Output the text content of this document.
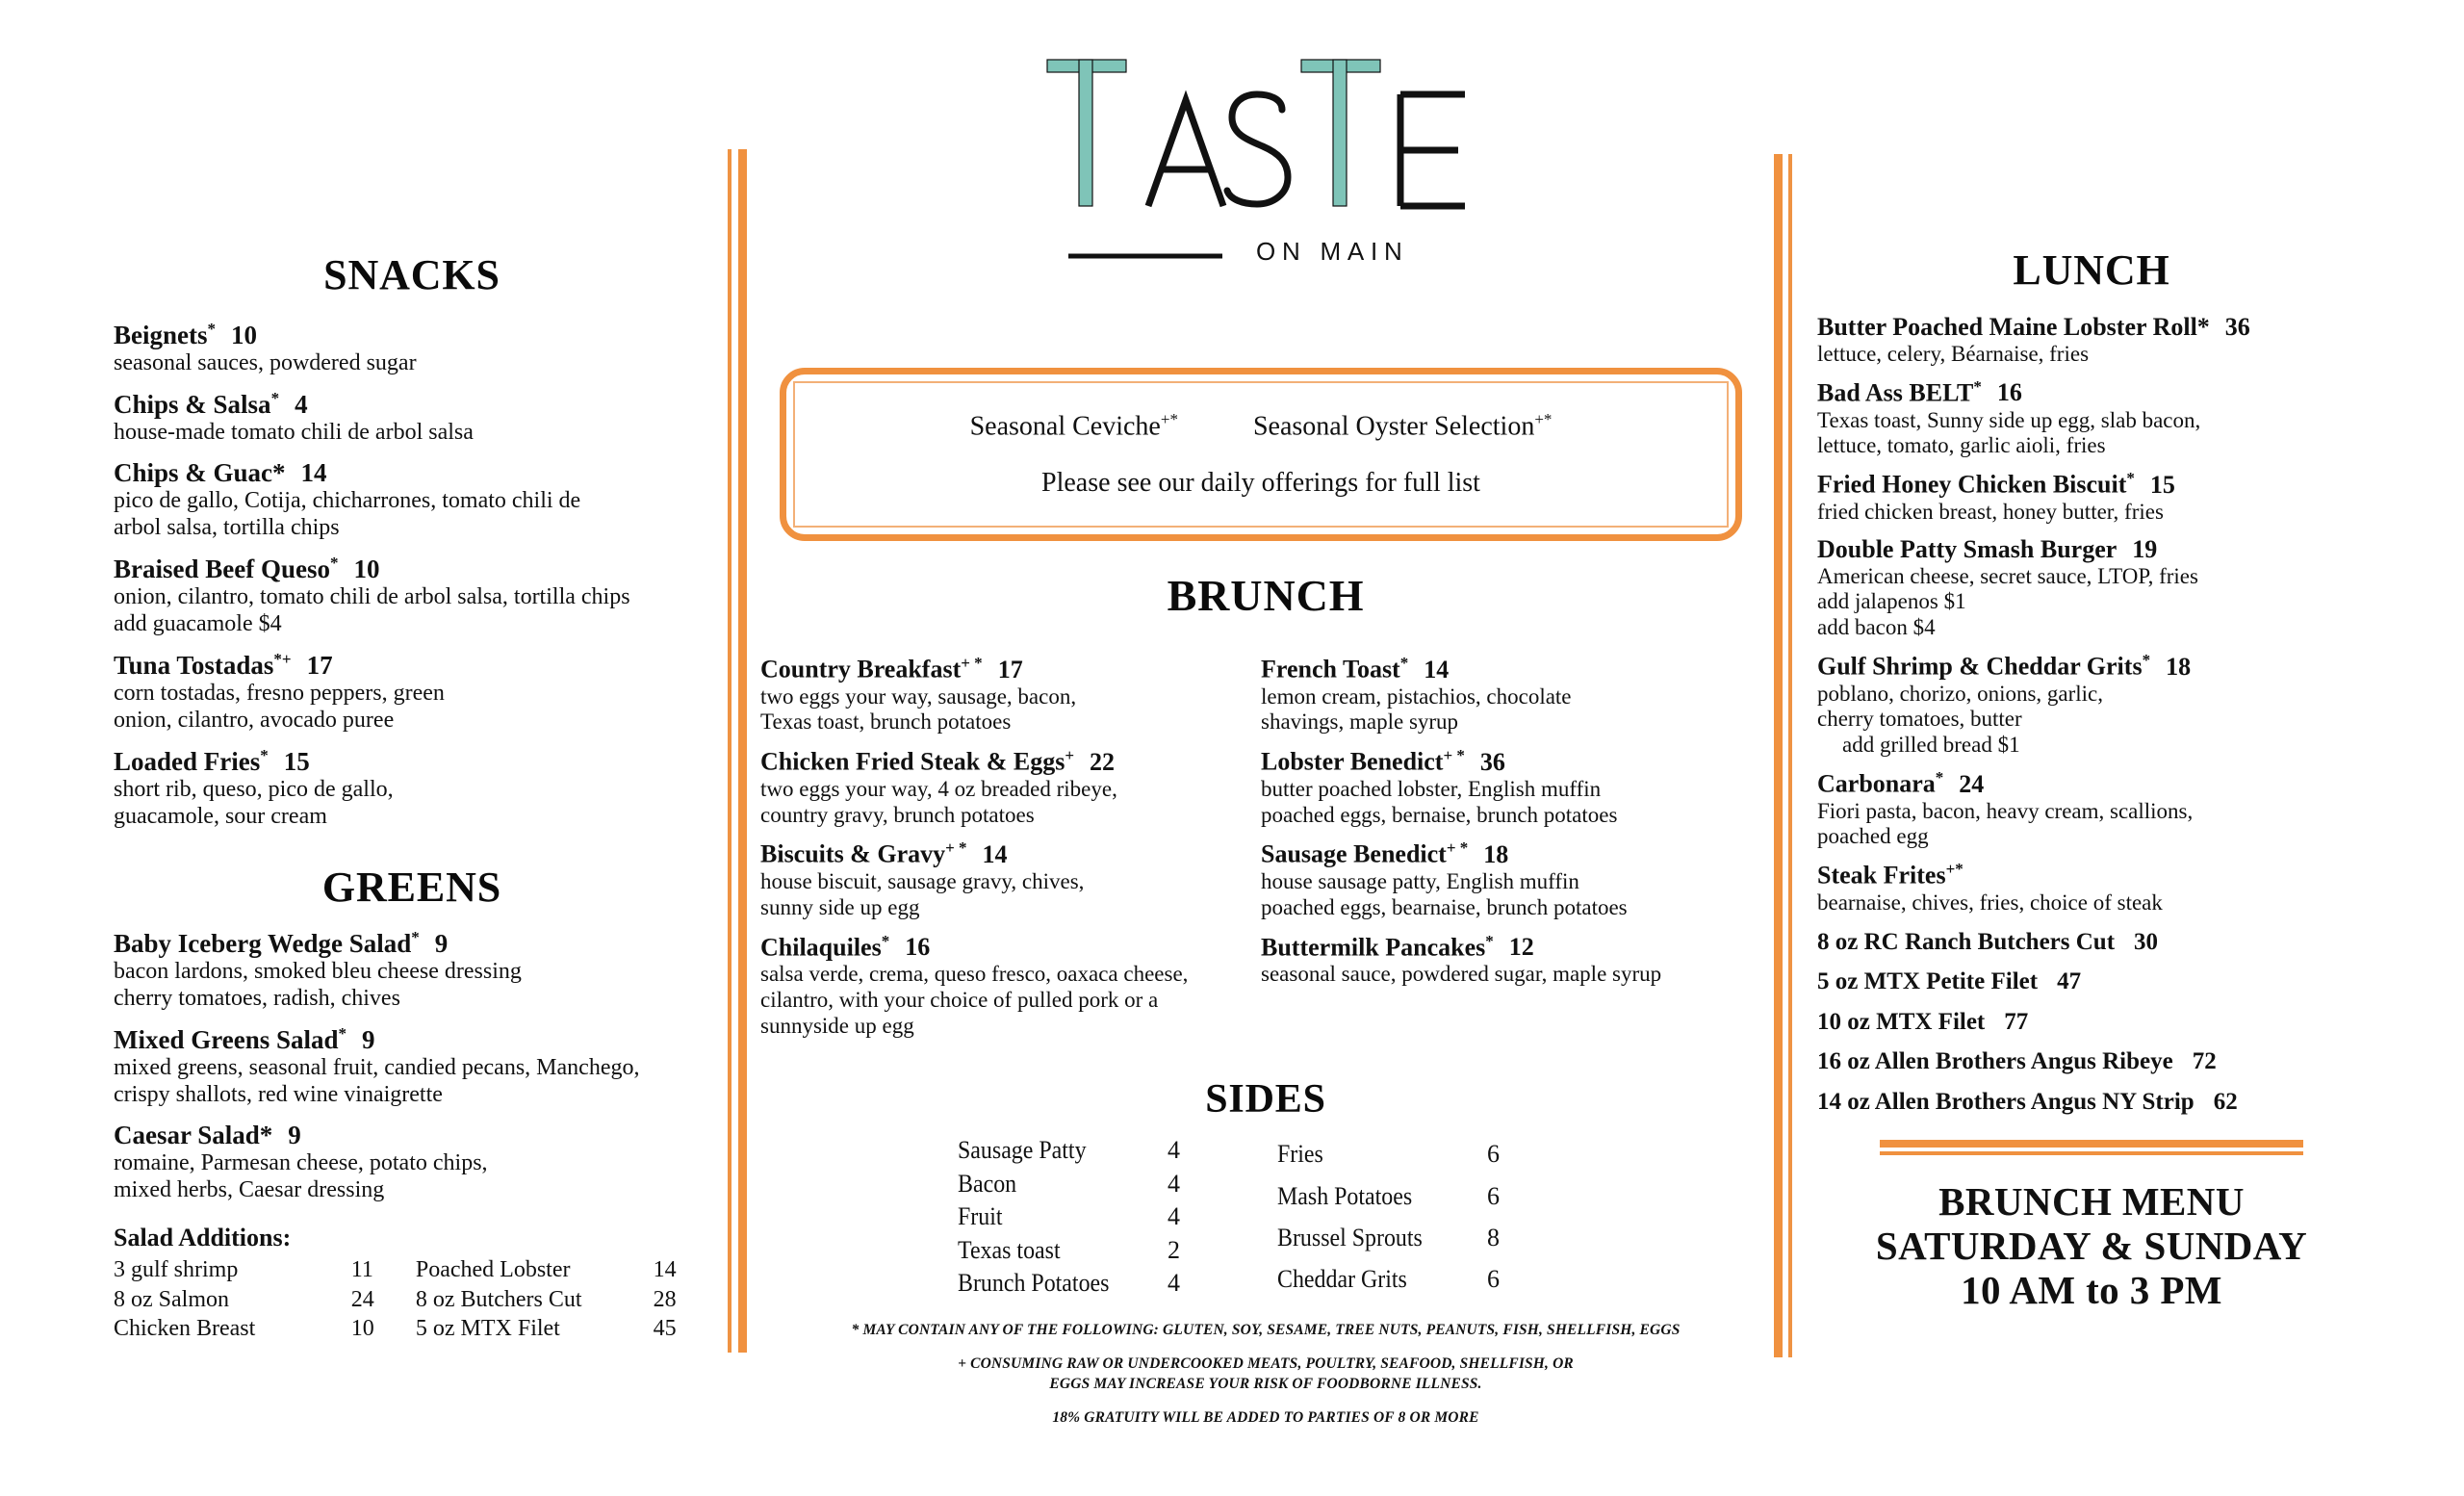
ON MAIN
SNACKS
Beignets* 10
seasonal sauces, powdered sugar
Chips & Salsa* 4
house-made tomato chili de arbol salsa
Chips & Guac* 14
pico de gallo, Cotija, chicharrones, tomato chili de
arbol salsa, tortilla chips
Braised Beef Queso* 10
onion, cilantro, tomato chili de arbol salsa, tortilla chips
add guacamole $4
Tuna Tostadas*+ 17
corn tostadas, fresno peppers, green
onion, cilantro, avocado puree
Loaded Fries* 15
short rib, queso, pico de gallo,
guacamole, sour cream
GREENS
Baby Iceberg Wedge Salad* 9
bacon lardons, smoked bleu cheese dressing
cherry tomatoes, radish, chives
Mixed Greens Salad* 9
mixed greens, seasonal fruit, candied pecans, Manchego,
crispy shallots, red wine vinaigrette
Caesar Salad* 9
romaine, Parmesan cheese, potato chips,
mixed herbs, Caesar dressing
Salad Additions:
3 gulf shrimp	11	Poached Lobster	14
8 oz Salmon	24	8 oz Butchers Cut	28
Chicken Breast	10	5 oz MTX Filet	45
Seasonal Ceviche+*	Seasonal Oyster Selection+*
Please see our daily offerings for full list
BRUNCH
Country Breakfast+ * 17
two eggs your way, sausage, bacon,
Texas toast, brunch potatoes
Chicken Fried Steak & Eggs+ 22
two eggs your way, 4 oz breaded ribeye,
country gravy, brunch potatoes
Biscuits & Gravy+ * 14
house biscuit, sausage gravy, chives,
sunny side up egg
Chilaquiles* 16
salsa verde, crema, queso fresco, oaxaca cheese,
cilantro, with your choice of pulled pork or a
sunnyside up egg
French Toast* 14
lemon cream, pistachios, chocolate
shavings, maple syrup
Lobster Benedict+ * 36
butter poached lobster, English muffin
poached eggs, bernaise, brunch potatoes
Sausage Benedict+ * 18
house sausage patty, English muffin
poached eggs, bearnaise, brunch potatoes
Buttermilk Pancakes* 12
seasonal sauce, powdered sugar, maple syrup
SIDES
Sausage Patty	4
Bacon	4
Fruit	4
Texas toast	2
Brunch Potatoes	4
Fries	6
Mash Potatoes	6
Brussel Sprouts	8
Cheddar Grits	6
* MAY CONTAIN ANY OF THE FOLLOWING: GLUTEN, SOY, SESAME, TREE NUTS, PEANUTS, FISH, SHELLFISH, EGGS
+ CONSUMING RAW OR UNDERCOOKED MEATS, POULTRY, SEAFOOD, SHELLFISH, OR
EGGS MAY INCREASE YOUR RISK OF FOODBORNE ILLNESS.
18% GRATUITY WILL BE ADDED TO PARTIES OF 8 OR MORE
LUNCH
Butter Poached Maine Lobster Roll* 36
lettuce, celery, Béarnaise, fries
Bad Ass BELT* 16
Texas toast, Sunny side up egg, slab bacon,
lettuce, tomato, garlic aioli, fries
Fried Honey Chicken Biscuit* 15
fried chicken breast, honey butter, fries
Double Patty Smash Burger 19
American cheese, secret sauce, LTOP, fries
add jalapenos $1
add bacon $4
Gulf Shrimp & Cheddar Grits* 18
poblano, chorizo, onions, garlic,
cherry tomatoes, butter
add grilled bread $1
Carbonara* 24
Fiori pasta, bacon, heavy cream, scallions,
poached egg
Steak Frites+*
bearnaise, chives, fries, choice of steak
8 oz RC Ranch Butchers Cut 30
5 oz MTX Petite Filet 47
10 oz MTX Filet 77
16 oz Allen Brothers Angus Ribeye 72
14 oz Allen Brothers Angus NY Strip 62
BRUNCH MENU
SATURDAY & SUNDAY
10 AM to 3 PM
